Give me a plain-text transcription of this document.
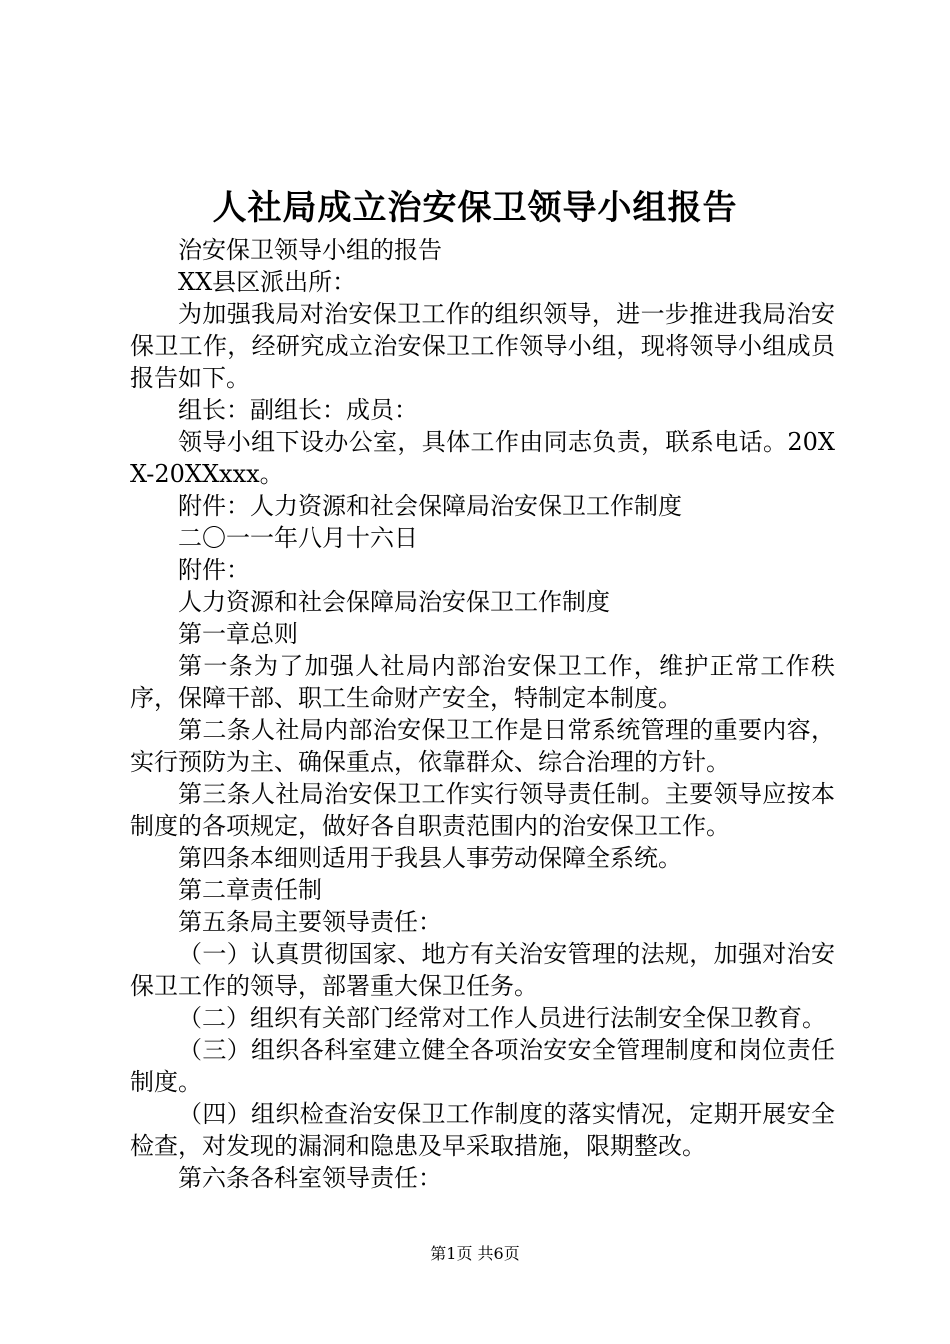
人社局成立治安保卫领导小组报告

治安保卫领导小组的报告

XX县区派出所：

为加强我局对治安保卫工作的组织领导，进一步推进我局治安保卫工作，经研究成立治安保卫工作领导小组，现将领导小组成员报告如下。

组长：副组长：成员：

领导小组下设办公室，具体工作由同志负责，联系电话。20XX-20XXxxx。

附件：人力资源和社会保障局治安保卫工作制度

二〇一一年八月十六日

附件：

人力资源和社会保障局治安保卫工作制度

第一章总则

第一条为了加强人社局内部治安保卫工作，维护正常工作秩序，保障干部、职工生命财产安全，特制定本制度。

第二条人社局内部治安保卫工作是日常系统管理的重要内容，实行预防为主、确保重点，依靠群众、综合治理的方针。

第三条人社局治安保卫工作实行领导责任制。主要领导应按本制度的各项规定，做好各自职责范围内的治安保卫工作。

第四条本细则适用于我县人事劳动保障全系统。

第二章责任制

第五条局主要领导责任：

（一）认真贯彻国家、地方有关治安管理的法规，加强对治安保卫工作的领导，部署重大保卫任务。

（二）组织有关部门经常对工作人员进行法制安全保卫教育。

（三）组织各科室建立健全各项治安安全管理制度和岗位责任制度。

（四）组织检查治安保卫工作制度的落实情况，定期开展安全检查，对发现的漏洞和隐患及早采取措施，限期整改。

第六条各科室领导责任：

第1页 共6页
